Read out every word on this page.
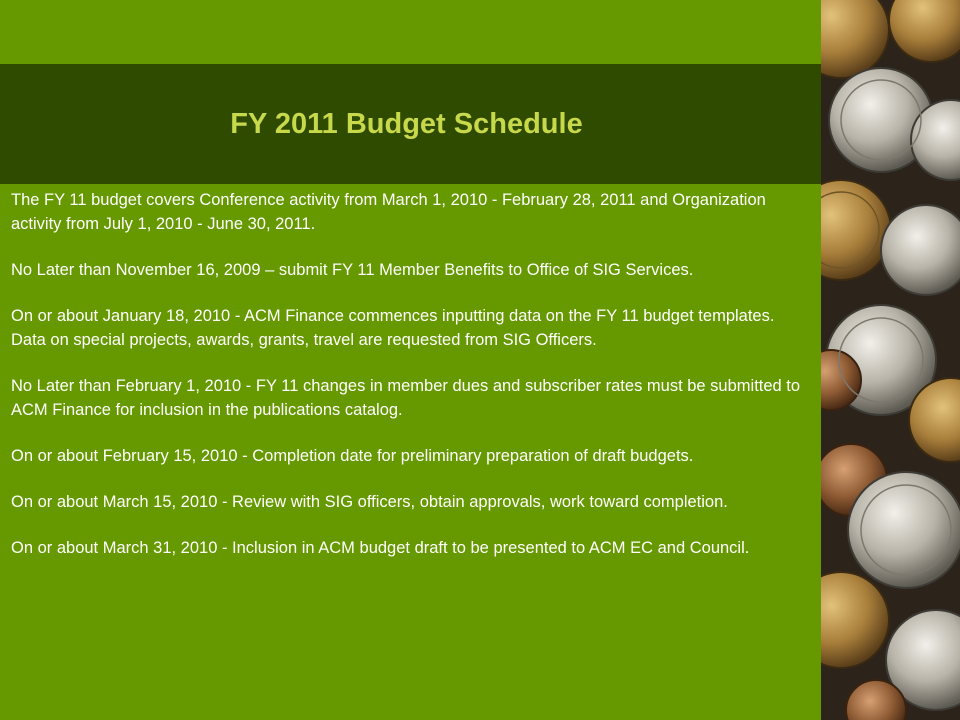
FY 2011 Budget Schedule

The FY 11 budget covers Conference activity from March 1, 2010 - February 28, 2011 and Organization activity from July 1, 2010 - June 30, 2011.

No Later than November 16, 2009 – submit FY 11 Member Benefits to Office of SIG Services.

On or about January 18, 2010 - ACM Finance commences inputting data on the FY 11 budget templates. Data on special projects, awards, grants, travel are requested from SIG Officers.

No Later than February 1, 2010 - FY 11 changes in member dues and subscriber rates must be submitted to ACM Finance for inclusion in the publications catalog.

On or about February 15, 2010 - Completion date for preliminary preparation of draft budgets.

On or about March 15, 2010 - Review with SIG officers, obtain approvals, work toward completion.

On or about March 31, 2010 - Inclusion in ACM budget draft to be presented to ACM EC and Council.
